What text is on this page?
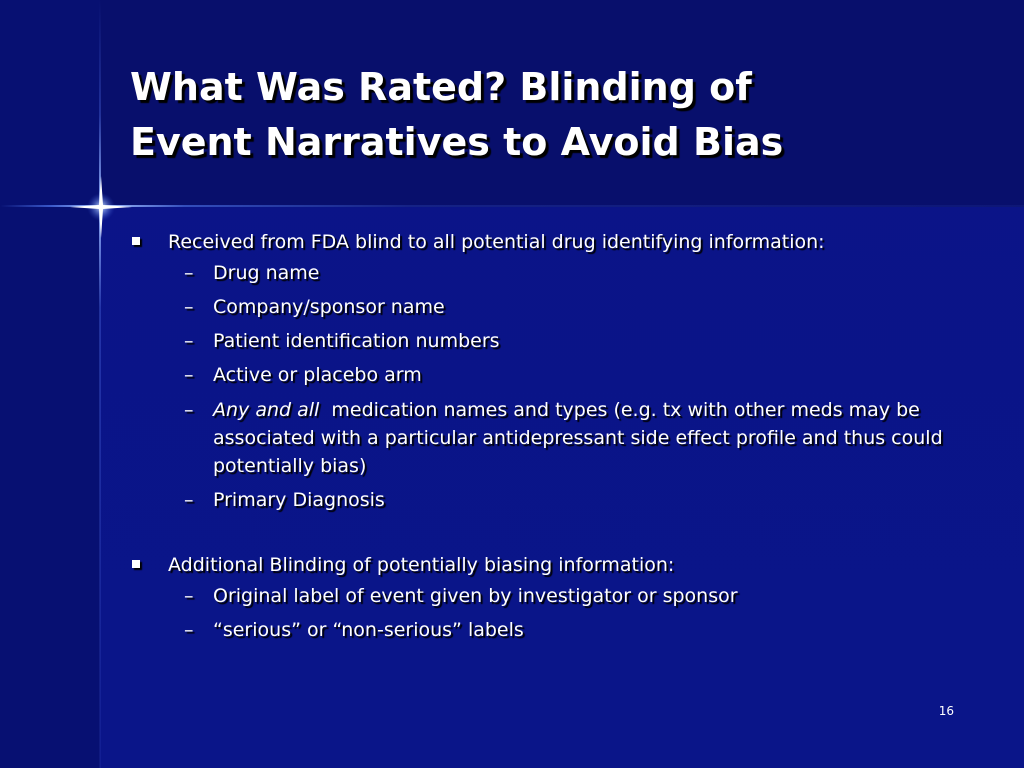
What Was Rated? Blinding of
Event Narratives to Avoid Bias

Received from FDA blind to all potential drug identifying information:

– Drug name

– Company/sponsor name

– Patient identification numbers

– Active or placebo arm

– Any and all medication names and types (e.g. tx with other meds may be associated with a particular antidepressant side effect profile and thus could potentially bias)

– Primary Diagnosis

Additional Blinding of potentially biasing information:

– Original label of event given by investigator or sponsor

– “serious” or “non-serious” labels

16
